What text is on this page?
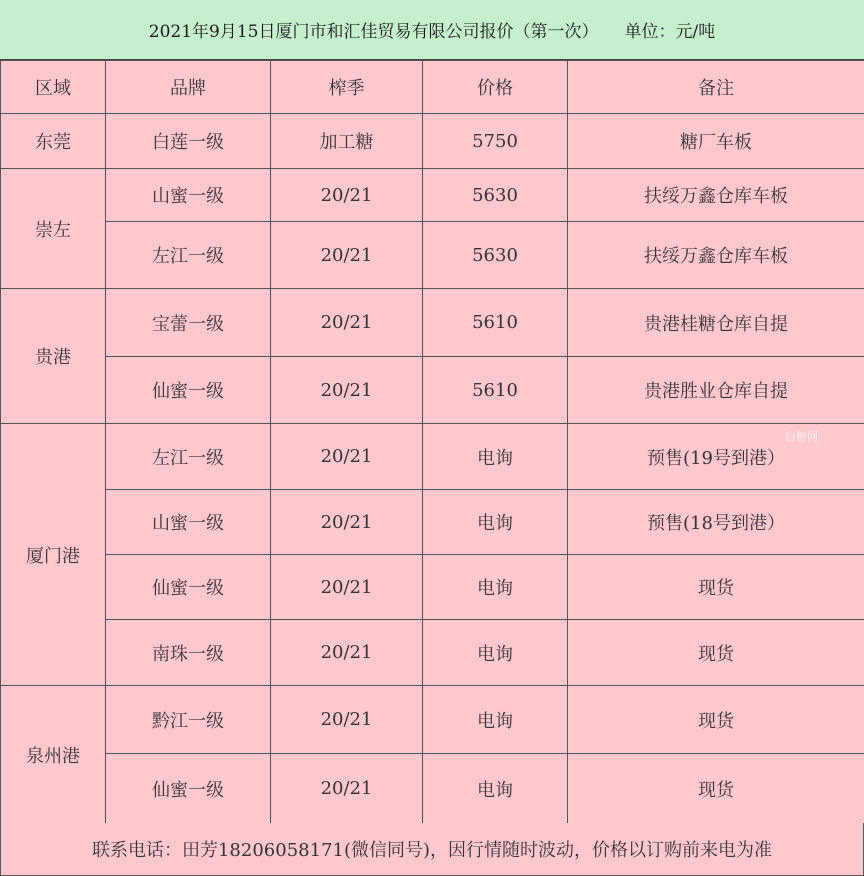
2021年9月15日厦门市和汇佳贸易有限公司报价（第一次） 单位：元/吨
区域	品牌	榨季	价格	备注
东莞	白莲一级	加工糖	5750	糖厂车板
崇左	山蜜一级	20/21	5630	扶绥万鑫仓库车板
	左江一级	20/21	5630	扶绥万鑫仓库车板
贵港	宝蕾一级	20/21	5610	贵港桂糖仓库自提
	仙蜜一级	20/21	5610	贵港胜业仓库自提
厦门港	左江一级	20/21	电询	预售(19号到港）
	山蜜一级	20/21	电询	预售(18号到港）
	仙蜜一级	20/21	电询	现货
	南珠一级	20/21	电询	现货
泉州港	黔江一级	20/21	电询	现货
	仙蜜一级	20/21	电询	现货
联系电话：田芳18206058171(微信同号)，因行情随时波动，价格以订购前来电为准
白糖网
